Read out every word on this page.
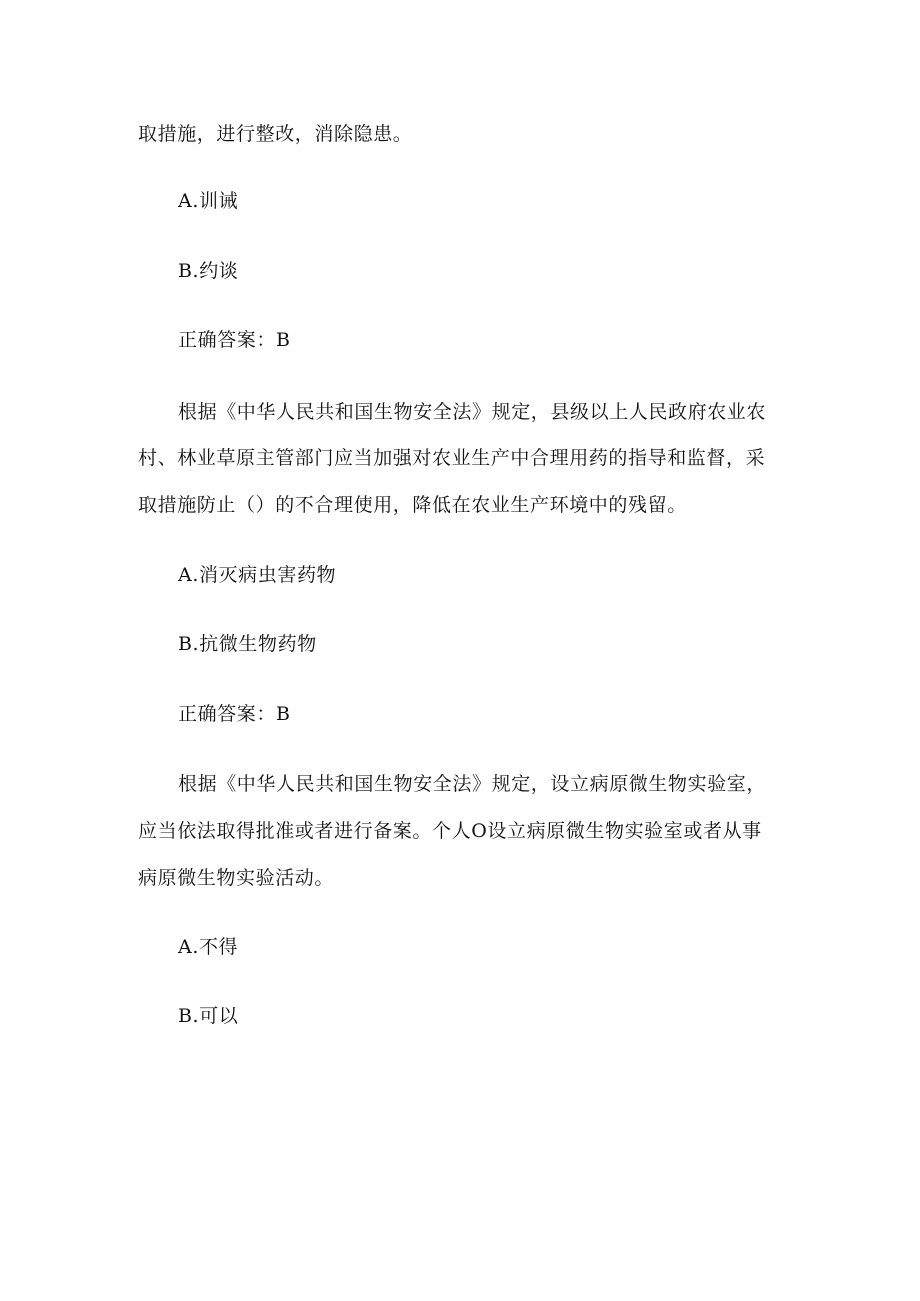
取措施，进行整改，消除隐患。
A.训诫
B.约谈
正确答案：B
根据《中华人民共和国生物安全法》规定，县级以上人民政府农业农
村、林业草原主管部门应当加强对农业生产中合理用药的指导和监督，采
取措施防止（）的不合理使用，降低在农业生产环境中的残留。
A.消灭病虫害药物
B.抗微生物药物
正确答案：B
根据《中华人民共和国生物安全法》规定，设立病原微生物实验室，
应当依法取得批准或者进行备案。个人O设立病原微生物实验室或者从事
病原微生物实验活动。
A.不得
B.可以
